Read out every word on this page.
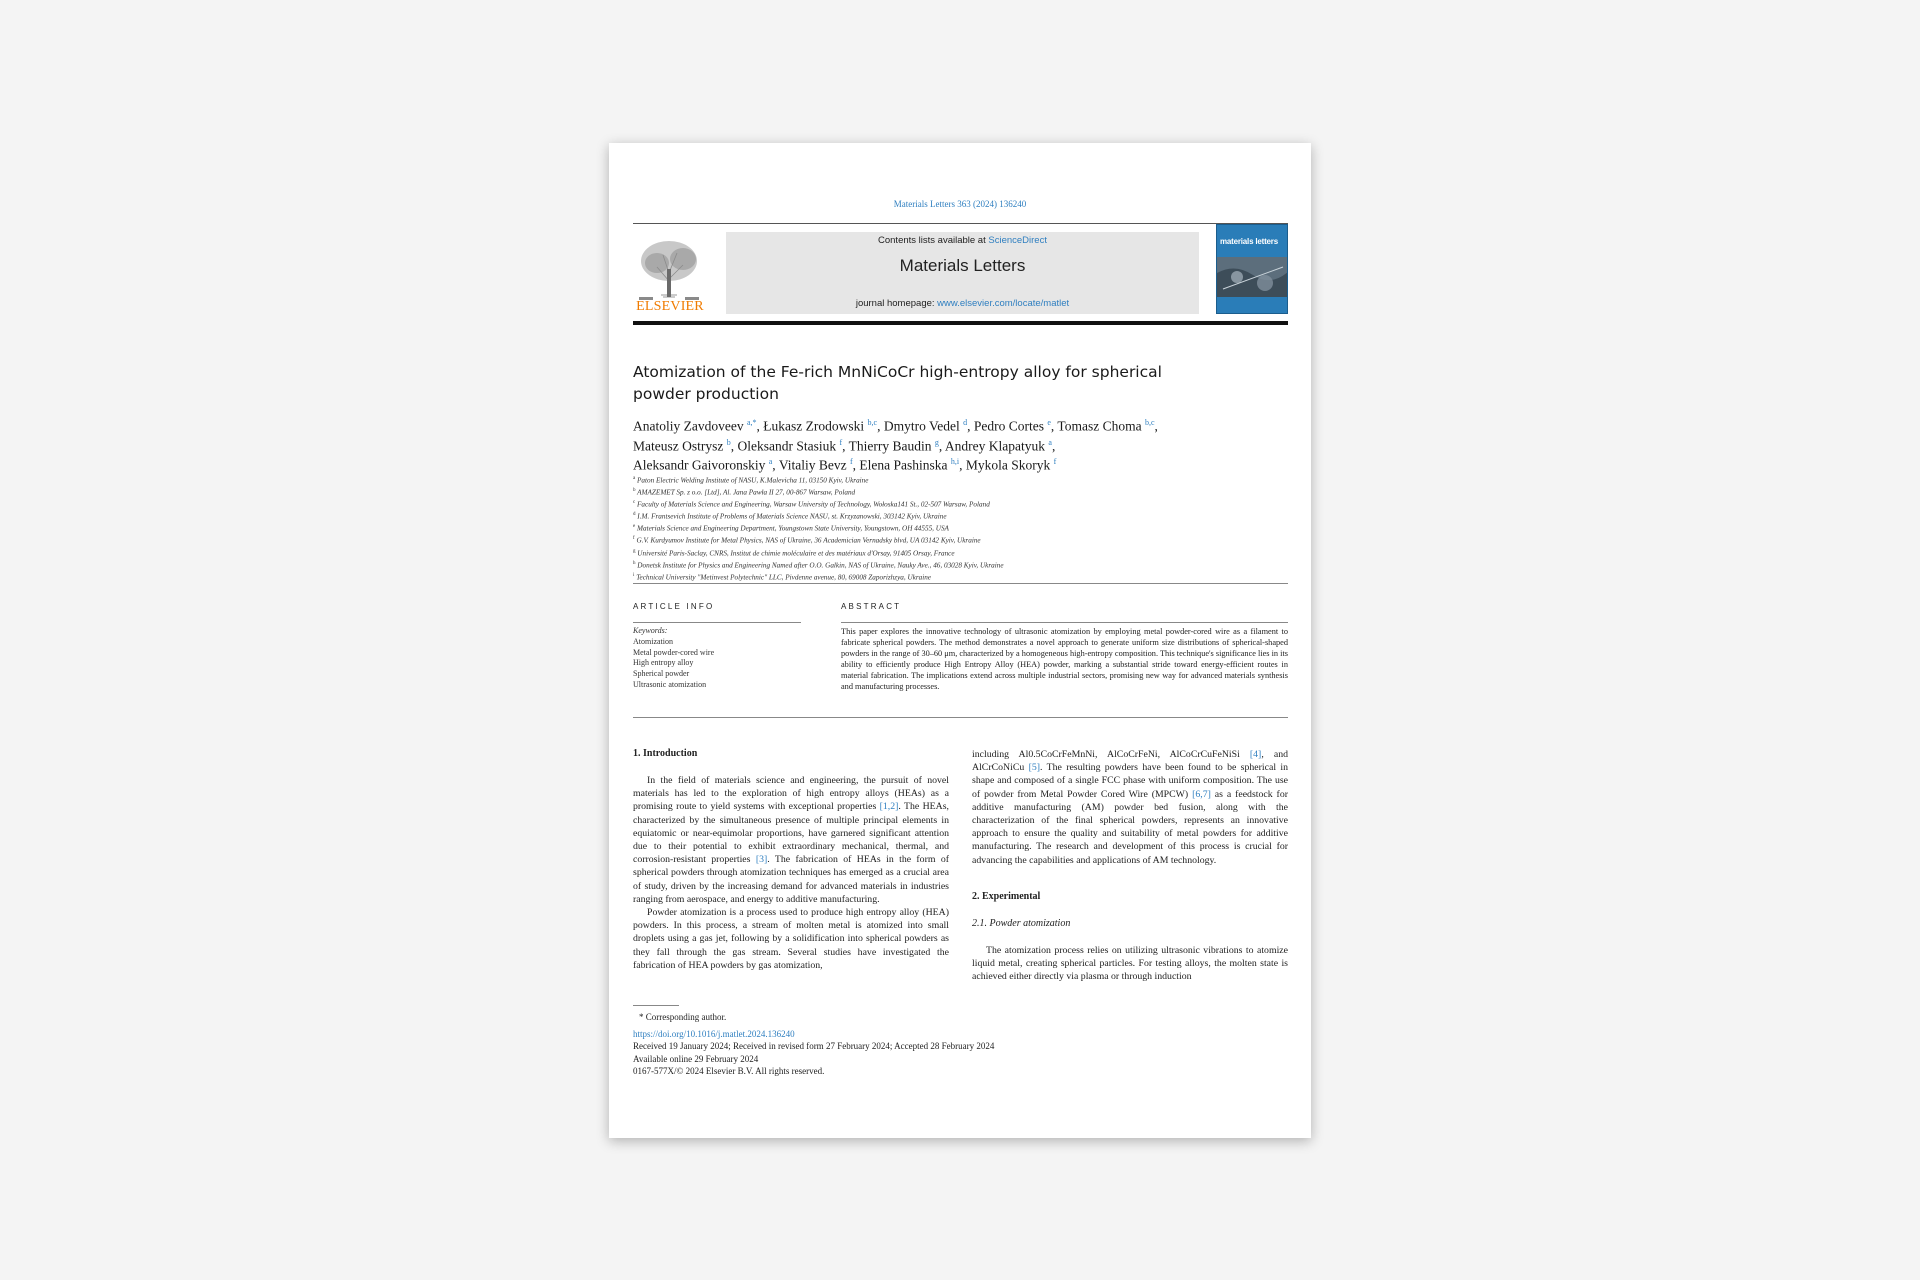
Materials Letters 363 (2024) 136240
ELSEVIER
Contents lists available at ScienceDirect
Materials Letters
journal homepage: www.elsevier.com/locate/matlet
materials letters
Atomization of the Fe-rich MnNiCoCr high-entropy alloy for spherical powder production
Anatoliy Zavdoveev $^{a,*}$, Łukasz Zrodowski $^{b,c}$, Dmytro Vedel $^d$, Pedro Cortes $^e$, Tomasz Choma $^{b,c}$,
Mateusz Ostrysz $^b$, Oleksandr Stasiuk $^f$, Thierry Baudin $^g$, Andrey Klapatyuk $^a$,
Aleksandr Gaivoronskiy $^a$, Vitaliy Bevz $^f$, Elena Pashinska $^{h,i}$, Mykola Skoryk $^f$
$^a$ Paton Electric Welding Institute of NASU, K.Malevicha 11, 03150 Kyiv, Ukraine
$^b$ AMAZEMET Sp. z o.o. [Ltd], Al. Jana Pawła II 27, 00-867 Warsaw, Poland
$^c$ Faculty of Materials Science and Engineering, Warsaw University of Technology, Wołoska141 St., 02-507 Warsaw, Poland
$^d$ I.M. Frantsevich Institute of Problems of Materials Science NASU, st. Krzyzanowski, 303142 Kyiv, Ukraine
$^e$ Materials Science and Engineering Department, Youngstown State University, Youngstown, OH 44555, USA
$^f$ G.V. Kurdyumov Institute for Metal Physics, NAS of Ukraine, 36 Academician Vernadsky blvd, UA 03142 Kyiv, Ukraine
$^g$ Université Paris-Saclay, CNRS, Institut de chimie moléculaire et des matériaux d'Orsay, 91405 Orsay, France
$^h$ Donetsk Institute for Physics and Engineering Named after O.O. Galkin, NAS of Ukraine, Nauky Ave., 46, 03028 Kyiv, Ukraine
$^i$ Technical University "Metinvest Polytechnic" LLC, Pivdenne avenue, 80, 69008 Zaporizhzya, Ukraine
ARTICLE INFO
Keywords:
Atomization
Metal powder-cored wire
High entropy alloy
Spherical powder
Ultrasonic atomization
ABSTRACT
This paper explores the innovative technology of ultrasonic atomization by employing metal powder-cored wire as a filament to fabricate spherical powders. The method demonstrates a novel approach to generate uniform size distributions of spherical-shaped powders in the range of 30–60 μm, characterized by a homogeneous high-entropy composition. This technique's significance lies in its ability to efficiently produce High Entropy Alloy (HEA) powder, marking a substantial stride toward energy-efficient routes in material fabrication. The implications extend across multiple industrial sectors, promising new way for advanced materials synthesis and manufacturing processes.
1. Introduction

In the field of materials science and engineering, the pursuit of novel materials has led to the exploration of high entropy alloys (HEAs) as a promising route to yield systems with exceptional properties [1,2]. The HEAs, characterized by the simultaneous presence of multiple principal elements in equiatomic or near-equimolar proportions, have garnered significant attention due to their potential to exhibit extraordinary mechanical, thermal, and corrosion-resistant properties [3]. The fabrication of HEAs in the form of spherical powders through atomization techniques has emerged as a crucial area of study, driven by the increasing demand for advanced materials in industries ranging from aerospace, and energy to additive manufacturing.

Powder atomization is a process used to produce high entropy alloy (HEA) powders. In this process, a stream of molten metal is atomized into small droplets using a gas jet, following by a solidification into spherical powders as they fall through the gas stream. Several studies have investigated the fabrication of HEA powders by gas atomization,

including Al0.5CoCrFeMnNi, AlCoCrFeNi, AlCoCrCuFeNiSi [4], and AlCrCoNiCu [5]. The resulting powders have been found to be spherical in shape and composed of a single FCC phase with uniform composition. The use of powder from Metal Powder Cored Wire (MPCW) [6,7] as a feedstock for additive manufacturing (AM) powder bed fusion, along with the characterization of the final spherical powders, represents an innovative approach to ensure the quality and suitability of metal powders for additive manufacturing. The research and development of this process is crucial for advancing the capabilities and applications of AM technology.

2. Experimental
2.1. Powder atomization

The atomization process relies on utilizing ultrasonic vibrations to atomize liquid metal, creating spherical particles. For testing alloys, the molten state is achieved either directly via plasma or through induction

* Corresponding author.
https://doi.org/10.1016/j.matlet.2024.136240
Received 19 January 2024; Received in revised form 27 February 2024; Accepted 28 February 2024
Available online 29 February 2024
0167-577X/© 2024 Elsevier B.V. All rights reserved.
